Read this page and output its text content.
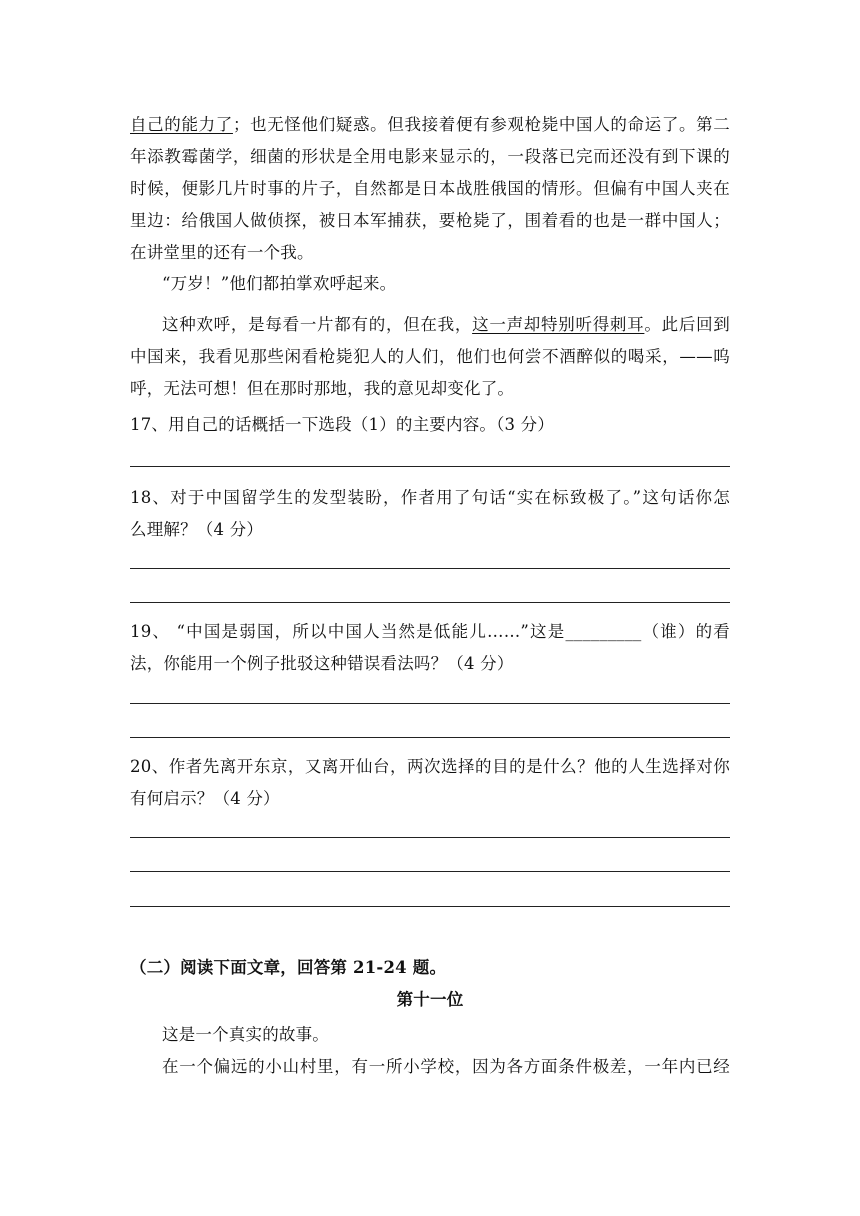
自己的能力了；也无怪他们疑惑。但我接着便有参观枪毙中国人的命运了。第二
年添教霉菌学，细菌的形状是全用电影来显示的，一段落已完而还没有到下课的
时候，便影几片时事的片子，自然都是日本战胜俄国的情形。但偏有中国人夹在
里边：给俄国人做侦探，被日本军捕获，要枪毙了，围着看的也是一群中国人；
在讲堂里的还有一个我。
“万岁！”他们都拍掌欢呼起来。
这种欢呼，是每看一片都有的，但在我，这一声却特别听得刺耳。此后回到
中国来，我看见那些闲看枪毙犯人的人们，他们也何尝不酒醉似的喝采，——呜
呼，无法可想！但在那时那地，我的意见却变化了。
17、用自己的话概括一下选段（1）的主要内容。（3 分）
18、对于中国留学生的发型装盼，作者用了句话“实在标致极了。”这句话你怎
么理解？（4 分）
19、 “中国是弱国，所以中国人当然是低能儿……”这是_________（谁）的看
法，你能用一个例子批驳这种错误看法吗？（4 分）
20、作者先离开东京，又离开仙台，两次选择的目的是什么？他的人生选择对你
有何启示？（4 分）
（二）阅读下面文章，回答第 21-24 题。
第十一位
这是一个真实的故事。
在一个偏远的小山村里，有一所小学校，因为各方面条件极差，一年内已经
